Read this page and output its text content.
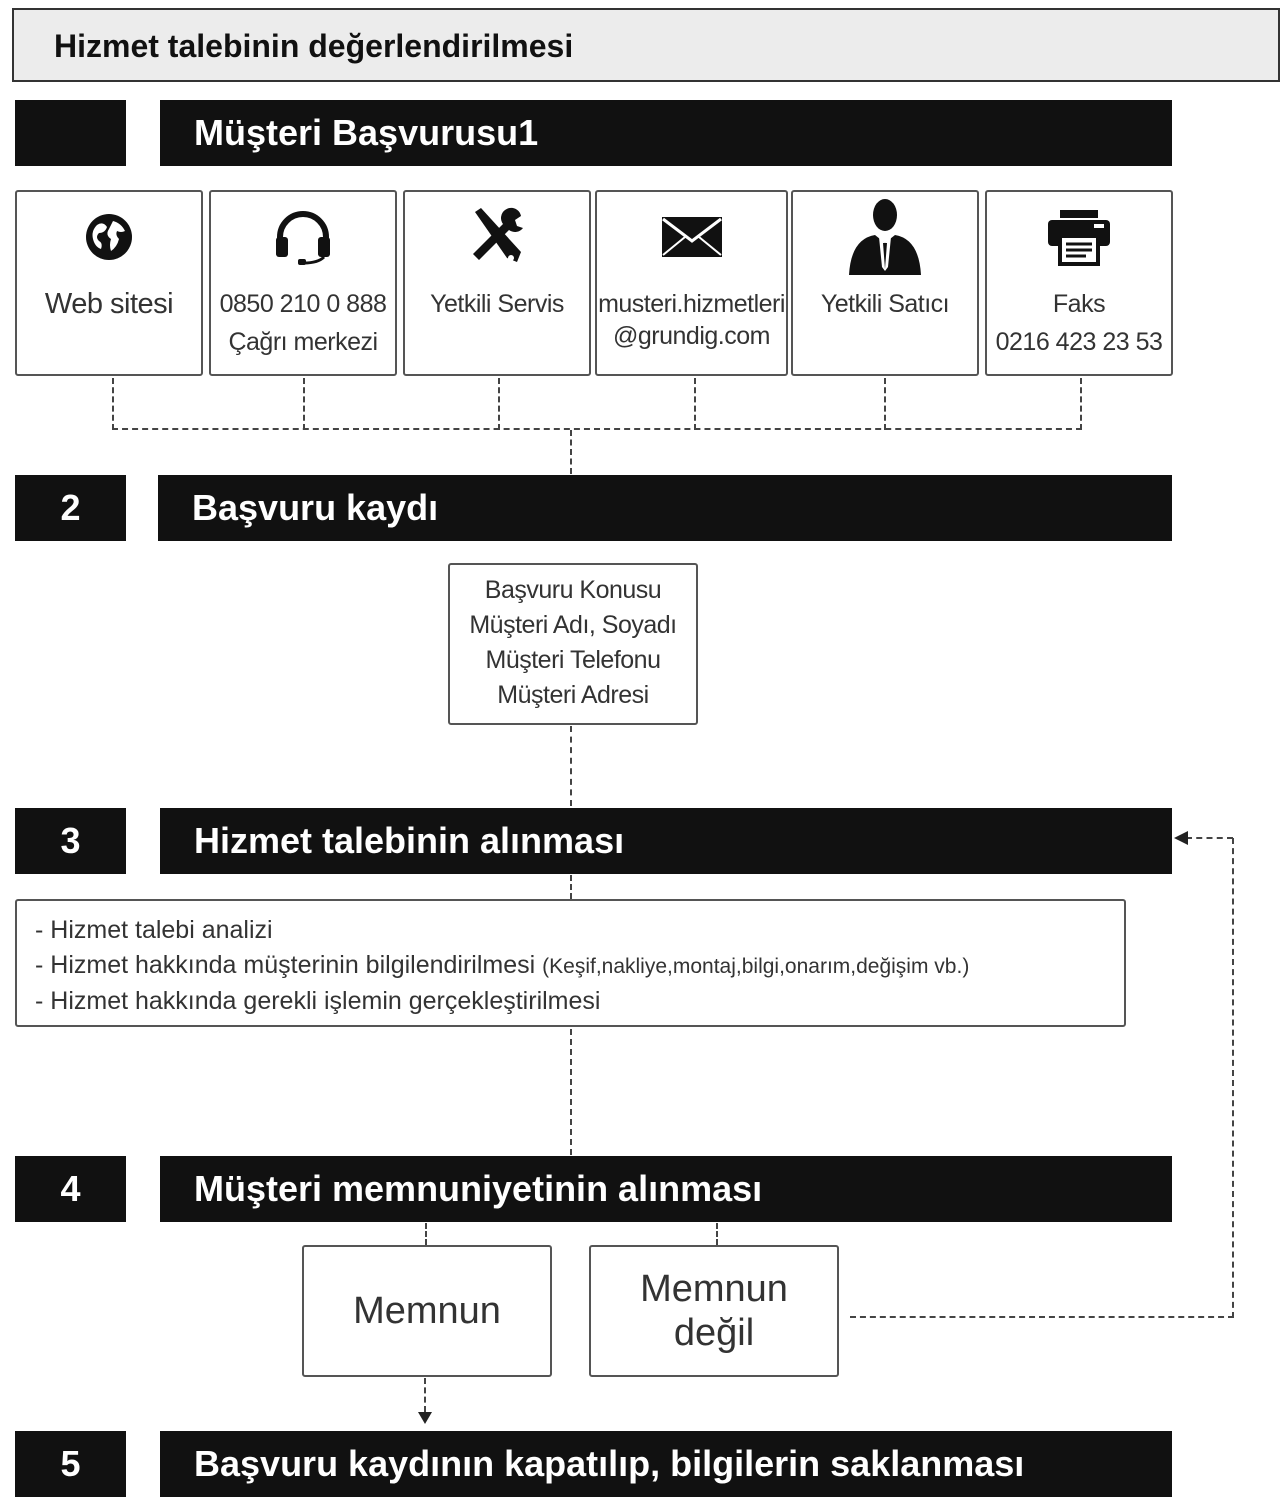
Hizmet talebinin değerlendirilmesi
Müşteri Başvurusu1
Web sitesi	0850 210 0 888
Çağrı merkezi
Yetkili Servis	musteri.hizmetleri
@grundig.com
Yetkili Satıcı	Faks
0216 423 23 53
2	Başvuru kaydı
Başvuru Konusu
Müşteri Adı, Soyadı
Müşteri Telefonu
Müşteri Adresi
3	Hizmet talebinin alınması
- Hizmet talebi analizi
- Hizmet hakkında müşterinin bilgilendirilmesi (Keşif,nakliye,montaj,bilgi,onarım,değişim vb.)
- Hizmet hakkında gerekli işlemin gerçekleştirilmesi
4	Müşteri memnuniyetinin alınması
Memnun
Memnun
değil
5	Başvuru kaydının kapatılıp, bilgilerin saklanması
